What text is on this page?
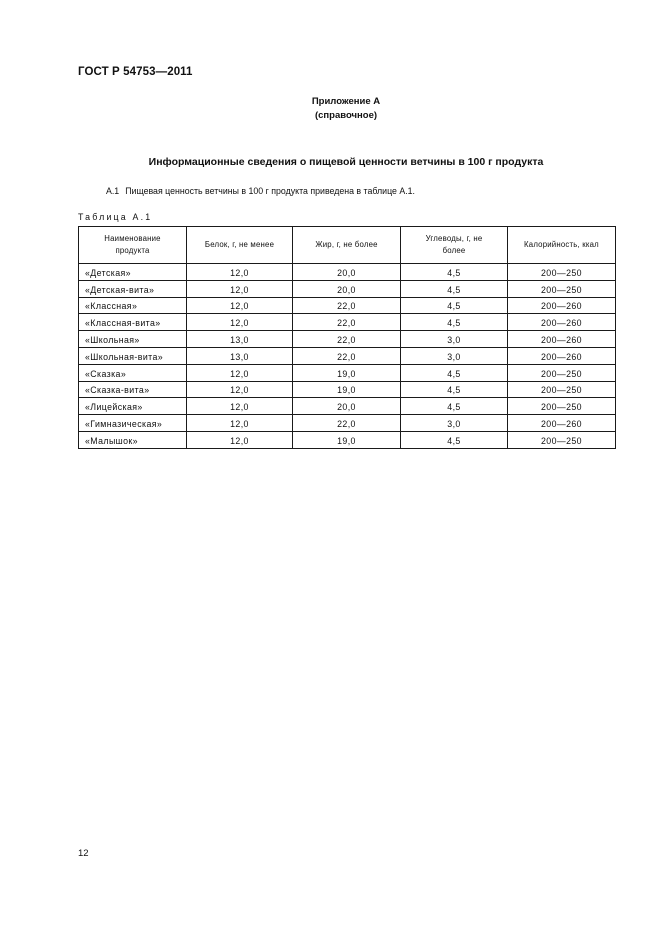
ГОСТ Р 54753—2011
Приложение А
(справочное)
Информационные сведения о пищевой ценности ветчины в 100 г продукта
А.1 Пищевая ценность ветчины в 100 г продукта приведена в таблице А.1.
Таблица А.1
Наименование продукта	Белок, г, не менее	Жир, г, не более	Углеводы, г, не более	Калорийность, ккал
«Детская»	12,0	20,0	4,5	200—250
«Детская-вита»	12,0	20,0	4,5	200—250
«Классная»	12,0	22,0	4,5	200—260
«Классная-вита»	12,0	22,0	4,5	200—260
«Школьная»	13,0	22,0	3,0	200—260
«Школьная-вита»	13,0	22,0	3,0	200—260
«Сказка»	12,0	19,0	4,5	200—250
«Сказка-вита»	12,0	19,0	4,5	200—250
«Лицейская»	12,0	20,0	4,5	200—250
«Гимназическая»	12,0	22,0	3,0	200—260
«Малышок»	12,0	19,0	4,5	200—250
12
